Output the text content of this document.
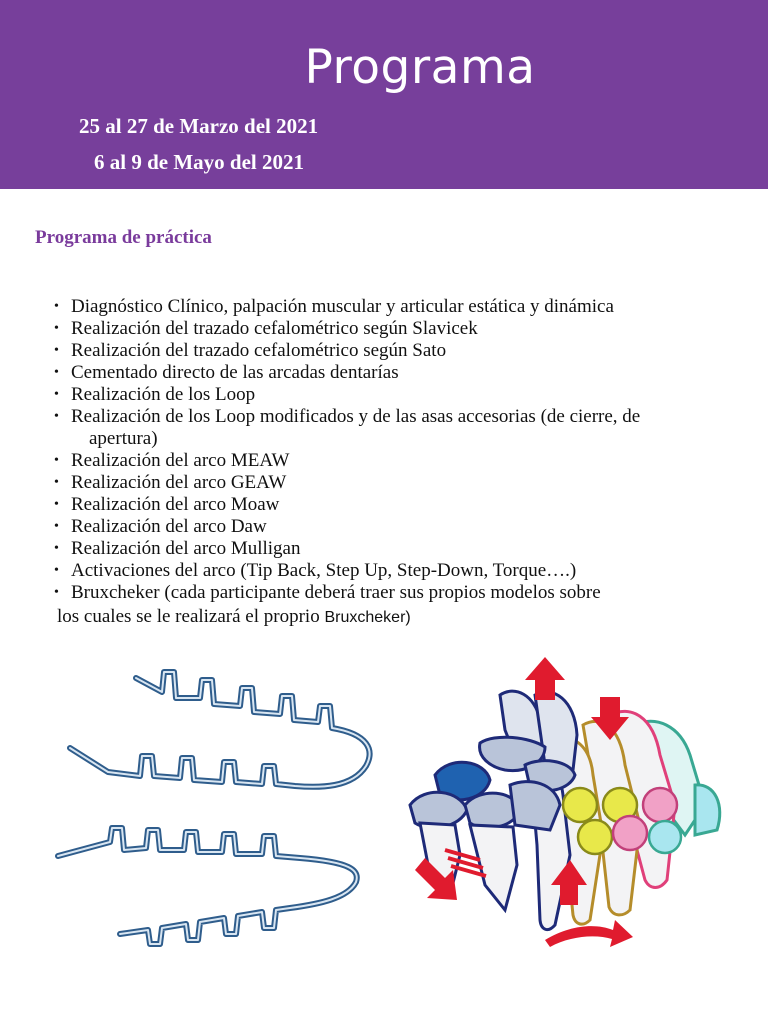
Programa
25 al 27 de Marzo del 2021
6 al 9 de Mayo del 2021
Programa de práctica
• Diagnóstico Clínico, palpación muscular y articular estática y dinámica
• Realización del trazado cefalométrico según Slavicek
• Realización del trazado cefalométrico según Sato
• Cementado directo de las arcadas dentarías
• Realización de los Loop
• Realización de los Loop modificados y de las asas accesorias (de cierre, de
apertura)
• Realización del arco MEAW
• Realización del arco GEAW
• Realización del arco Moaw
• Realización del arco Daw
• Realización del arco Mulligan
• Activaciones del arco (Tip Back, Step Up, Step-Down, Torque….)
• Bruxcheker (cada participante deberá traer sus propios modelos sobre
los cuales se le realizará el proprio Bruxcheker)
